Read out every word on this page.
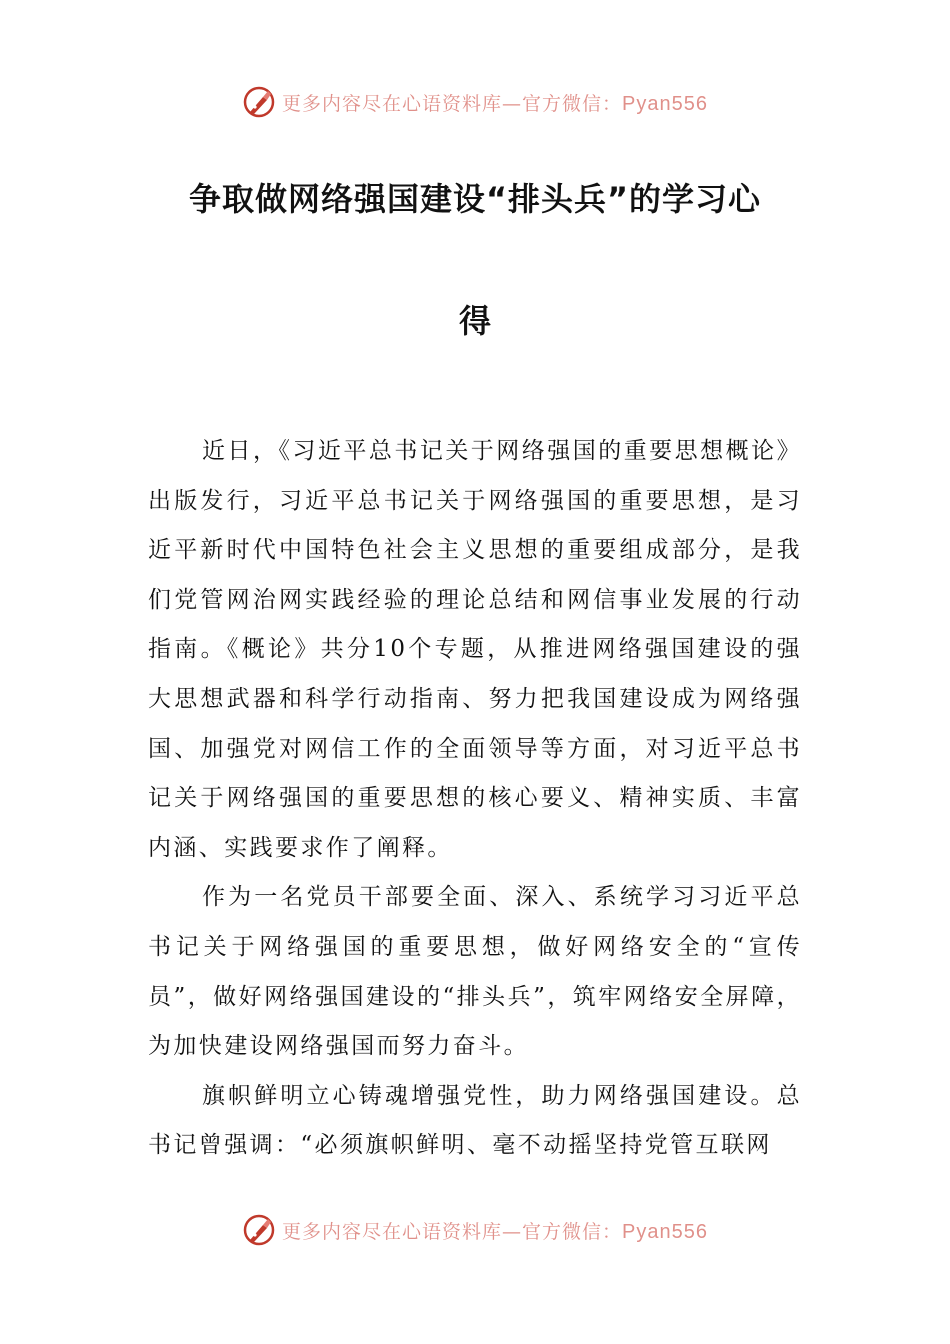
更多内容尽在心语资料库—官方微信：Pyan556
争取做网络强国建设“排头兵”的学习心
得

近日，《习近平总书记关于网络强国的重要思想概论》出版发行，习近平总书记关于网络强国的重要思想，是习近平新时代中国特色社会主义思想的重要组成部分，是我们党管网治网实践经验的理论总结和网信事业发展的行动指南。《概论》共分10个专题，从推进网络强国建设的强大思想武器和科学行动指南、努力把我国建设成为网络强国、加强党对网信工作的全面领导等方面，对习近平总书记关于网络强国的重要思想的核心要义、精神实质、丰富内涵、实践要求作了阐释。

作为一名党员干部要全面、深入、系统学习习近平总书记关于网络强国的重要思想，做好网络安全的“宣传员”，做好网络强国建设的“排头兵”，筑牢网络安全屏障，为加快建设网络强国而努力奋斗。

旗帜鲜明立心铸魂增强党性，助力网络强国建设。总书记曾强调：“必须旗帜鲜明、毫不动摇坚持党管互联网

更多内容尽在心语资料库—官方微信：Pyan556
